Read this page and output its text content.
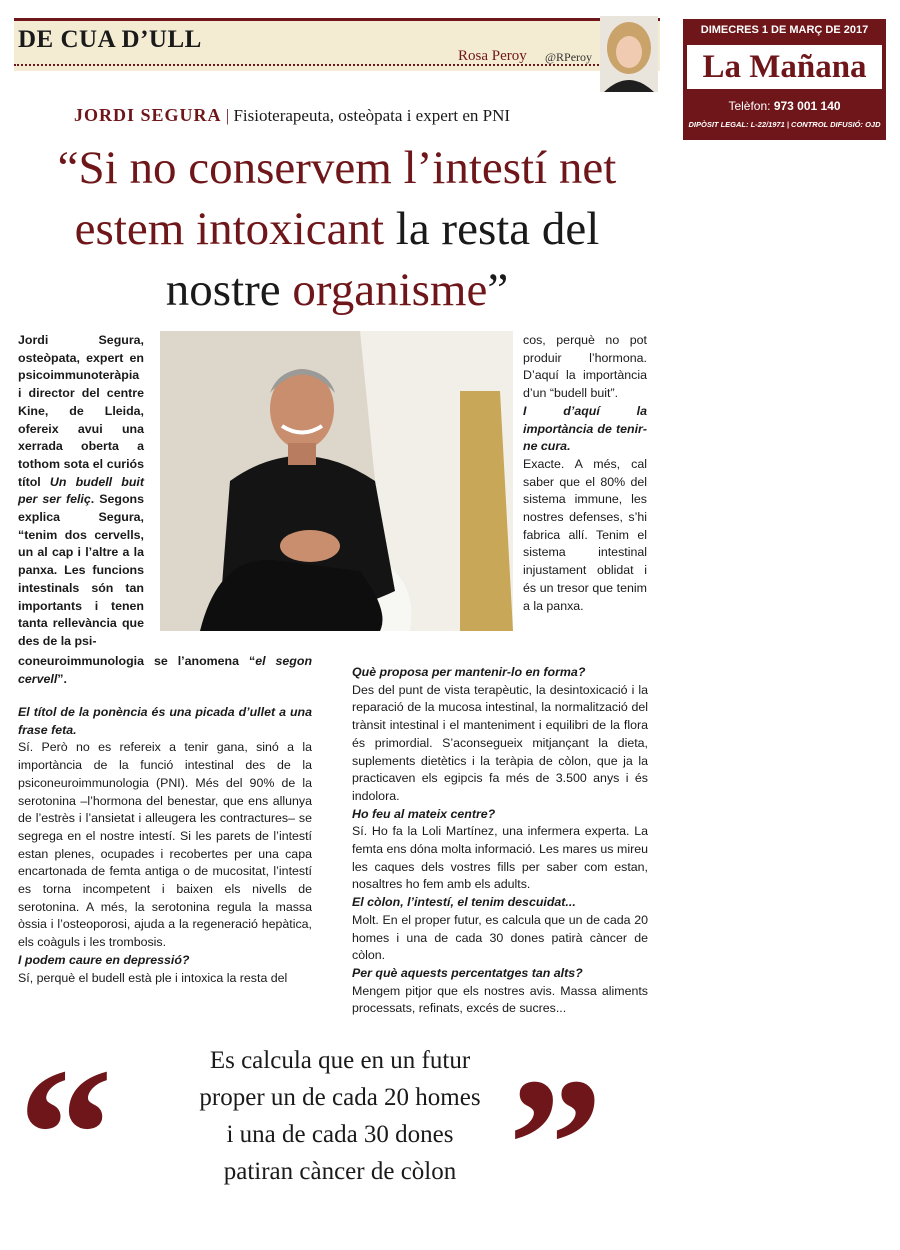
DE CUA D’ULL
Rosa Peroy @RPeroy
DIMECRES 1 DE MARÇ DE 2017
La Mañana
Telèfon: 973 001 140
DIPÒSIT LEGAL: L-22/1971 | CONTROL DIFUSIÓ: OJD
JORDI SEGURA | Fisioterapeuta, osteòpata i expert en PNI
“Si no conservem l’intestí net
estem intoxicant la resta del
nostre organisme”

Jordi Segura, osteòpata, expert en psicoimmunoteràpia i director del centre Kine, de Lleida, ofereix avui una xerrada oberta a tothom sota el curiós títol Un budell buit per ser feliç. Segons explica Segura, “tenim dos cervells, un al cap i l’altre a la panxa. Les funcions intestinals són tan importants i tenen tanta rellevància que des de la psi-

coneuroimmunologia se l’anomena “el segon cervell”.

cos, perquè no pot produir l’hormona. D’aquí la importància d’un “budell buit”.

I d’aquí la importància de tenir-ne cura.

Exacte. A més, cal saber que el 80% del sistema immune, les nostres defenses, s’hi fabrica allí. Tenim el sistema intestinal injustament oblidat i és un tresor que tenim a la panxa.

El títol de la ponència és una picada d’ullet a una frase feta.

Sí. Però no es refereix a tenir gana, sinó a la importància de la funció intestinal des de la psiconeuroimmunologia (PNI). Més del 90% de la serotonina –l’hormona del benestar, que ens allunya de l’estrès i l’ansietat i alleugera les contractures– se segrega en el nostre intestí. Si les parets de l’intestí estan plenes, ocupades i recobertes per una capa encartonada de femta antiga o de mucositat, l’intestí es torna incompetent i baixen els nivells de serotonina. A més, la serotonina regula la massa òssia i l’osteoporosi, ajuda a la regeneració hepàtica, els coàguls i les trombosis.

I podem caure en depressió?

Sí, perquè el budell està ple i intoxica la resta del

Què proposa per mantenir-lo en forma?

Des del punt de vista terapèutic, la desintoxicació i la reparació de la mucosa intestinal, la normalització del trànsit intestinal i el manteniment i equilibri de la flora és primordial. S’aconsegueix mitjançant la dieta, suplements dietètics i la teràpia de còlon, que ja la practicaven els egipcis fa més de 3.500 anys i és indolora.

Ho feu al mateix centre?

Sí. Ho fa la Loli Martínez, una infermera experta. La femta ens dóna molta informació. Les mares us mireu les caques dels vostres fills per saber com estan, nosaltres ho fem amb els adults.

El còlon, l’intestí, el tenim descuidat...

Molt. En el proper futur, es calcula que un de cada 20 homes i una de cada 30 dones patirà càncer de còlon.

Per què aquests percentatges tan alts?

Mengem pitjor que els nostres avis. Massa aliments processats, refinats, excés de sucres...

“ ”
Es calcula que en un futur
proper un de cada 20 homes
i una de cada 30 dones
patiran càncer de còlon
